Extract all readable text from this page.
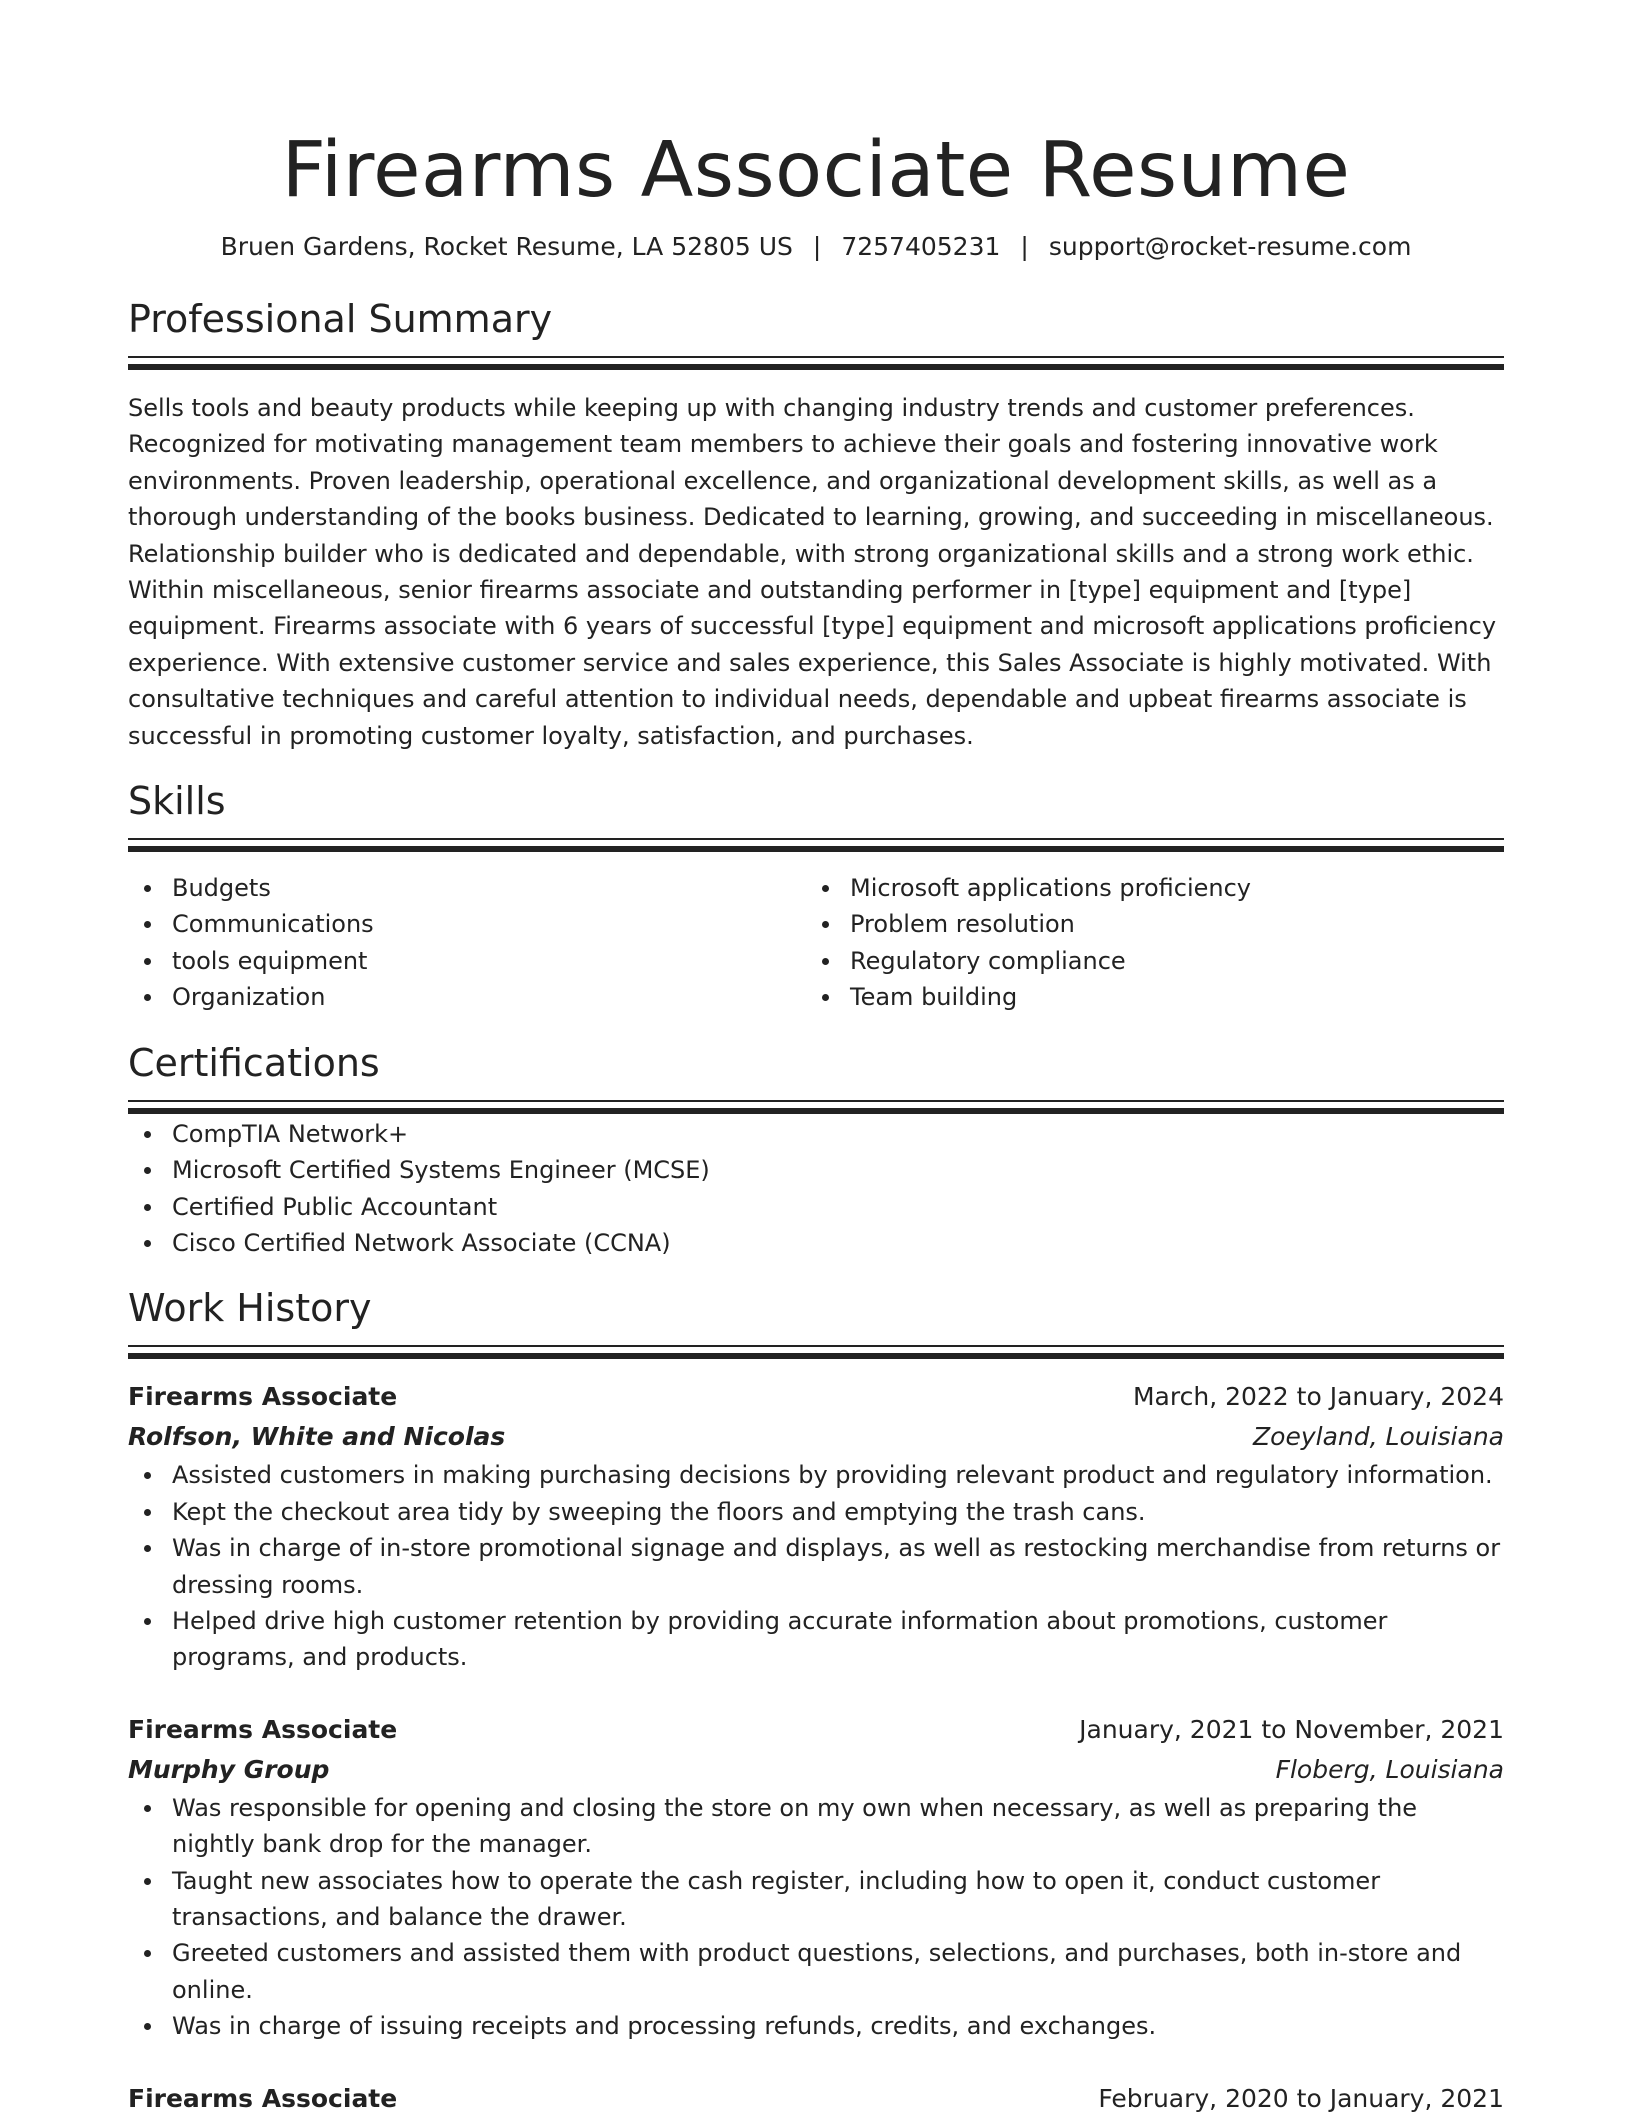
Firearms Associate Resume
Bruen Gardens, Rocket Resume, LA 52805 US | 7257405231 | support@rocket-resume.com
Professional Summary

Sells tools and beauty products while keeping up with changing industry trends and customer preferences. Recognized for motivating management team members to achieve their goals and fostering innovative work environments. Proven leadership, operational excellence, and organizational development skills, as well as a thorough understanding of the books business. Dedicated to learning, growing, and succeeding in miscellaneous. Relationship builder who is dedicated and dependable, with strong organizational skills and a strong work ethic. Within miscellaneous, senior firearms associate and outstanding performer in [type] equipment and [type] equipment. Firearms associate with 6 years of successful [type] equipment and microsoft applications proficiency experience. With extensive customer service and sales experience, this Sales Associate is highly motivated. With consultative techniques and careful attention to individual needs, dependable and upbeat firearms associate is successful in promoting customer loyalty, satisfaction, and purchases.

Skills
Budgets
Communications
tools equipment
Organization
Microsoft applications proficiency
Problem resolution
Regulatory compliance
Team building
Certifications
CompTIA Network+
Microsoft Certified Systems Engineer (MCSE)
Certified Public Accountant
Cisco Certified Network Associate (CCNA)
Work History
Firearms Associate	March, 2022 to January, 2024
Rolfson, White and Nicolas	Zoeyland, Louisiana
Assisted customers in making purchasing decisions by providing relevant product and regulatory information.
Kept the checkout area tidy by sweeping the floors and emptying the trash cans.
Was in charge of in-store promotional signage and displays, as well as restocking merchandise from returns or dressing rooms.
Helped drive high customer retention by providing accurate information about promotions, customer programs, and products.
Firearms Associate	January, 2021 to November, 2021
Murphy Group	Floberg, Louisiana
Was responsible for opening and closing the store on my own when necessary, as well as preparing the nightly bank drop for the manager.
Taught new associates how to operate the cash register, including how to open it, conduct customer transactions, and balance the drawer.
Greeted customers and assisted them with product questions, selections, and purchases, both in-store and online.
Was in charge of issuing receipts and processing refunds, credits, and exchanges.
Firearms Associate	February, 2020 to January, 2021
